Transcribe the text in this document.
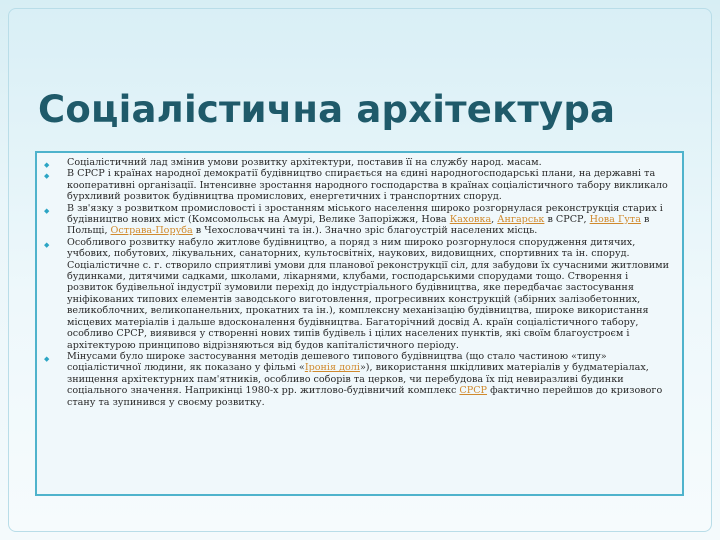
Соціалістична архітектура
◆ Соціалістичний лад змінив умови розвитку архітектури, поставив її на службу народ. масам.
◆ В СРСР і країнах народної демократії будівництво спирається на єдині народногосподарські плани, на державні та кооперативні організації. Інтенсивне зростання народного господарства в країнах соціалістичного табору викликало бурхливий розвиток будівництва промислових, енергетичних і транспортних споруд.
◆ В зв'язку з розвитком промисловості і зростанням міського населення широко розгорнулася реконструкція старих і будівництво нових міст (Комсомольськ на Амурі, Велике Запоріжжя, Нова Каховка, Ангарськ в СРСР, Нова Гута в Польщі, Острава-Поруба в Чехословаччині та ін.). Значно зріс благоустрій населених місць.
◆ Особливого розвитку набуло житлове будівництво, а поряд з ним широко розгорнулося спорудження дитячих, учбових, побутових, лікувальних, санаторних, культосвітніх, наукових, видовищних, спортивних та ін. споруд. Соціалістичне с. г. створило сприятливі умови для планової реконструкції сіл, для забудови їх сучасними житловими будинками, дитячими садками, школами, лікарнями, клубами, господарськими спорудами тощо. Створення і розвиток будівельної індустрії зумовили перехід до індустріального будівництва, яке передбачає застосування уніфікованих типових елементів заводського виготовлення, прогресивних конструкцій (збірних залізобетонних, великоблочних, великопанельних, прокатних та ін.), комплексну механізацію будівництва, широке використання місцевих матеріалів і дальше вдосконалення будівництва. Багаторічний досвід А. країн соціалістичного табору, особливо СРСР, виявився у створенні нових типів будівель і цілих населених пунктів, які своїм благоустроєм і архітектурою принципово відрізняються від будов капіталістичного періоду.
◆ Мінусами було широке застосування методів дешевого типового будівництва (що стало частиною «типу» соціалістичної людини, як показано у фільмі «Іронія долі»), використання шкідливих матеріалів у будматеріалах, знищення архітектурних пам'ятників, особливо соборів та церков, чи перебудова їх під невиразливі будинки соціального значення. Наприкінці 1980-х рр. житлово-будівничий комплекс СРСР фактично перейшов до кризового стану та зупинився у своєму розвитку.
